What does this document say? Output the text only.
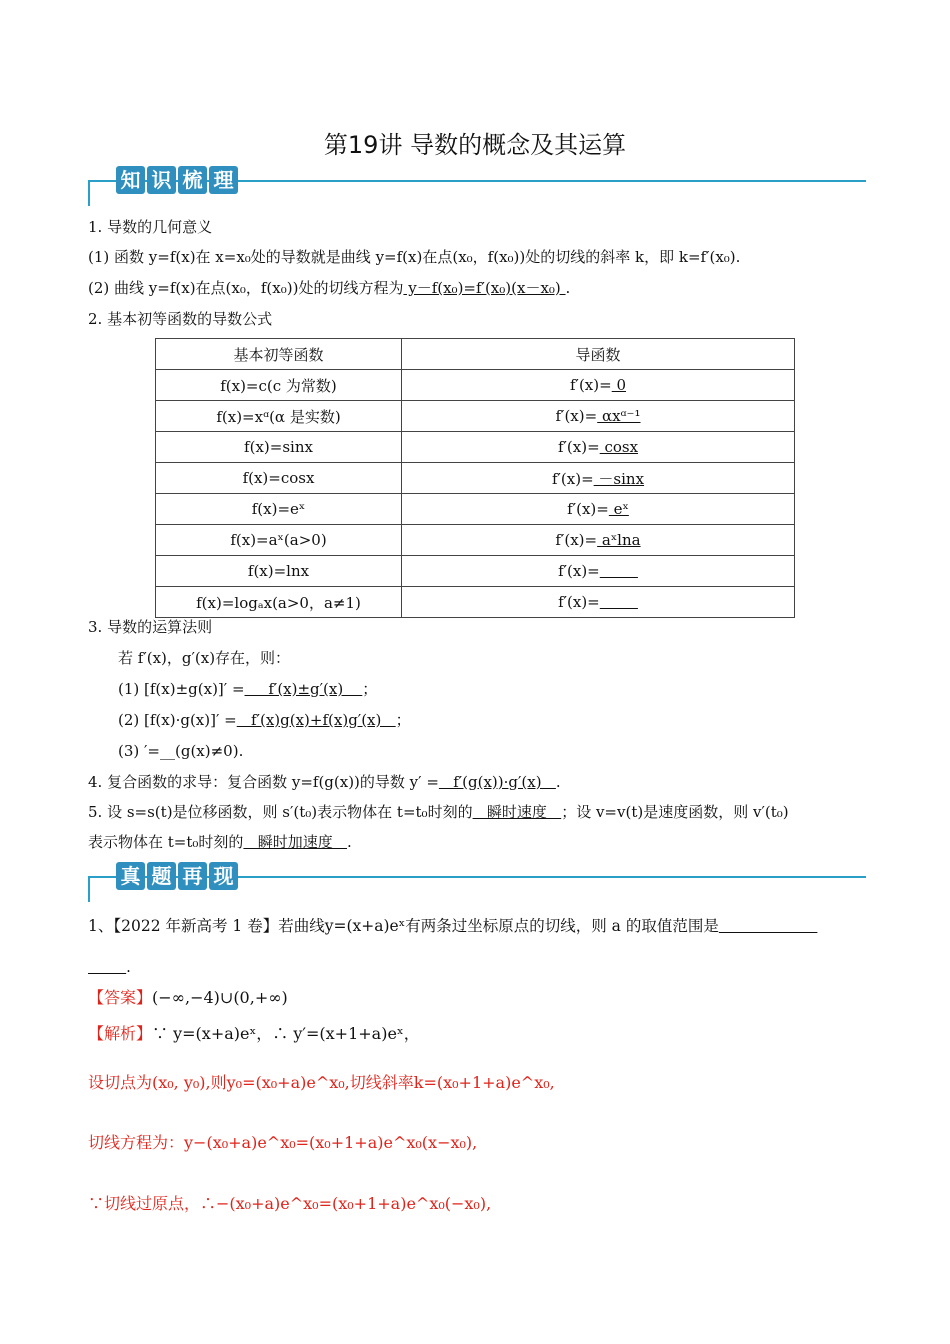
第19讲 导数的概念及其运算
知 识 梳 理
1. 导数的几何意义
(1) 函数 y=f(x)在 x=x₀处的导数就是曲线 y=f(x)在点(x₀，f(x₀))处的切线的斜率 k，即 k=f′(x₀).
(2) 曲线 y=f(x)在点(x₀，f(x₀))处的切线方程为 y－f(x₀)=f′(x₀)(x－x₀) .
2. 基本初等函数的导数公式
基本初等函数	导函数
f(x)=c(c 为常数)	f′(x)= 0
f(x)=xᵅ(α 是实数)	f′(x)= αxᵅ⁻¹
f(x)=sinx	f′(x)= cosx
f(x)=cosx	f′(x)= －sinx
f(x)=eˣ	f′(x)= eˣ
f(x)=aˣ(a>0)	f′(x)= aˣlna
f(x)=lnx	f′(x)=
f(x)=logₐx(a>0，a≠1)	f′(x)=
3. 导数的运算法则
若 f′(x)，g′(x)存在，则：
(1) [f(x)±g(x)]′ =     f′(x)±g′(x)    ；
(2) [f(x)·g(x)]′ =   f′(x)g(x)+f(x)g′(x)   ；
(3) ′=__(g(x)≠0).
4. 复合函数的求导：复合函数 y=f(g(x))的导数 y′ =   f′(g(x))·g′(x)   .
5. 设 s=s(t)是位移函数，则 s′(t₀)表示物体在 t=t₀时刻的   瞬时速度   ；设 v=v(t)是速度函数，则 v′(t₀)
表示物体在 t=t₀时刻的   瞬时加速度   .
真 题 再 现
1、【2022 年新高考 1 卷】若曲线y=(x+a)eˣ有两条过坐标原点的切线，则 a 的取值范围是
.
【答案】(−∞,−4)∪(0,+∞)
【解析】∵ y=(x+a)eˣ，∴ y′=(x+1+a)eˣ，
设切点为(x₀, y₀),则y₀=(x₀+a)e^x₀,切线斜率k=(x₀+1+a)e^x₀,
切线方程为：y−(x₀+a)e^x₀=(x₀+1+a)e^x₀(x−x₀),
∵切线过原点，∴−(x₀+a)e^x₀=(x₀+1+a)e^x₀(−x₀),
